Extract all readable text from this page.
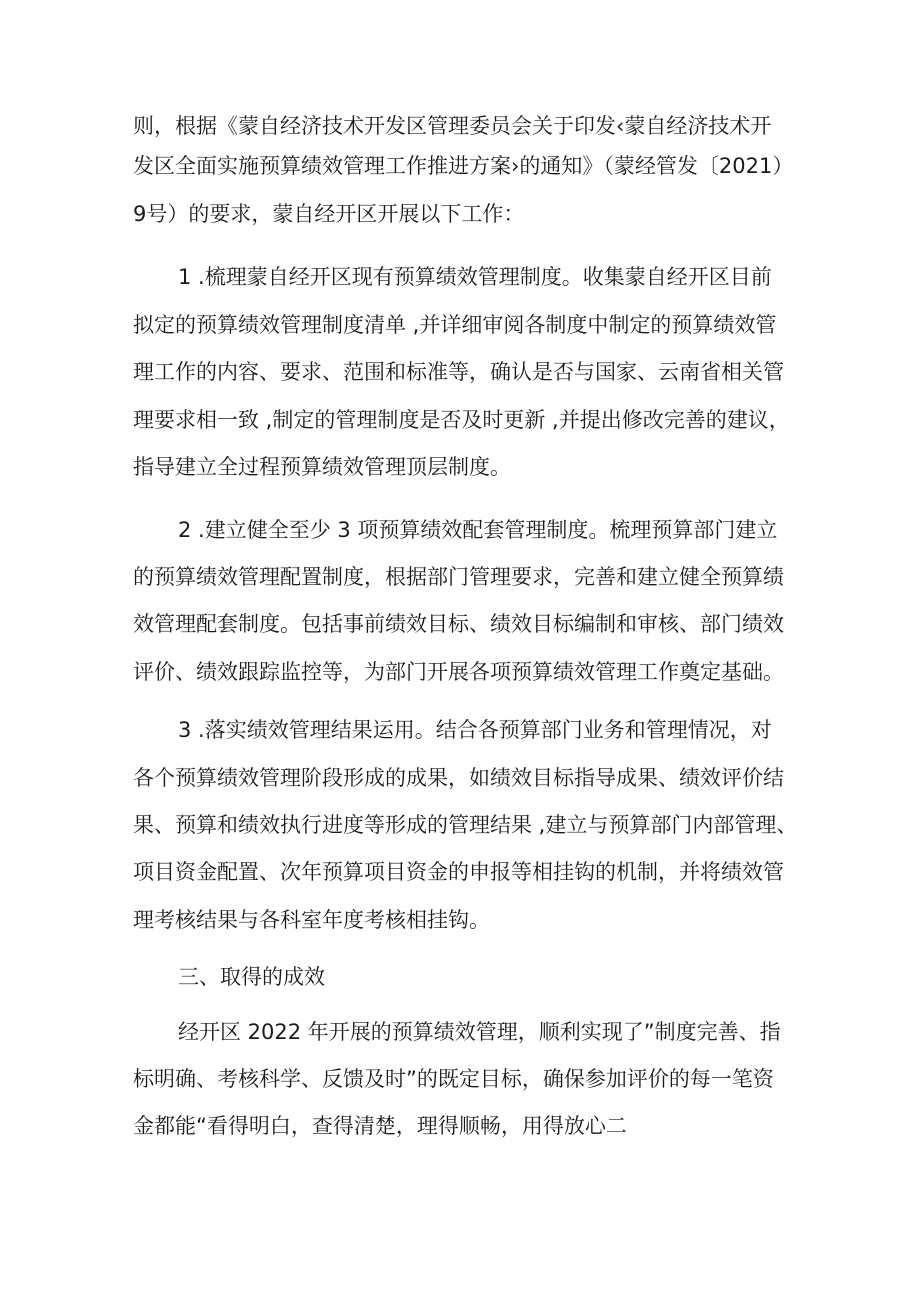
则，根据《蒙自经济技术开发区管理委员会关于印发‹蒙自经济技术开
发区全面实施预算绩效管理工作推进方案›的通知》（蒙经管发〔2021）
9号）的要求，蒙自经开区开展以下工作：
1 .梳理蒙自经开区现有预算绩效管理制度。收集蒙自经开区目前
拟定的预算绩效管理制度清单 ,并详细审阅各制度中制定的预算绩效管
理工作的内容、要求、范围和标准等，确认是否与国家、云南省相关管
理要求相一致 ,制定的管理制度是否及时更新 ,并提出修改完善的建议，
指导建立全过程预算绩效管理顶层制度。
2 .建立健全至少 3 项预算绩效配套管理制度。梳理预算部门建立
的预算绩效管理配置制度，根据部门管理要求，完善和建立健全预算绩
效管理配套制度。包括事前绩效目标、绩效目标编制和审核、部门绩效
评价、绩效跟踪监控等，为部门开展各项预算绩效管理工作奠定基础。
3 .落实绩效管理结果运用。结合各预算部门业务和管理情况，对
各个预算绩效管理阶段形成的成果，如绩效目标指导成果、绩效评价结
果、预算和绩效执行进度等形成的管理结果 ,建立与预算部门内部管理、
项目资金配置、次年预算项目资金的申报等相挂钩的机制，并将绩效管
理考核结果与各科室年度考核相挂钩。
三、取得的成效
经开区 2022 年开展的预算绩效管理，顺利实现了”制度完善、指
标明确、考核科学、反馈及时”的既定目标，确保参加评价的每一笔资
金都能“看得明白，查得清楚，理得顺畅，用得放心二
